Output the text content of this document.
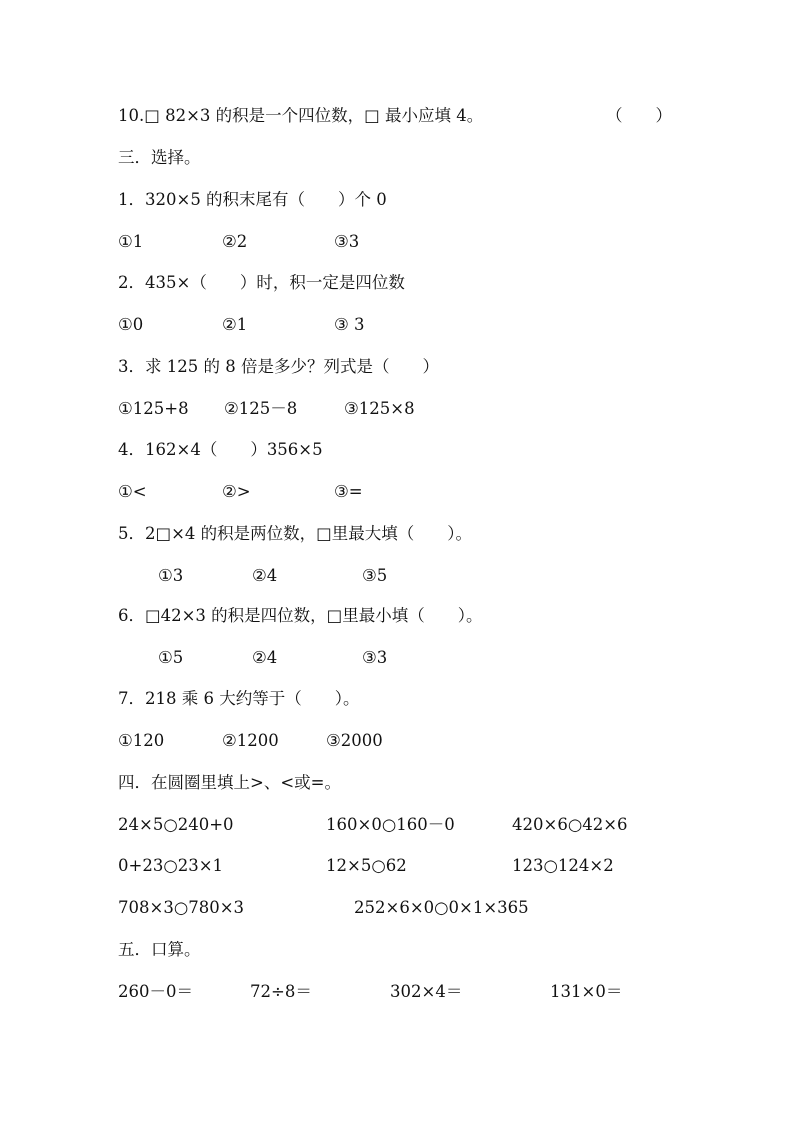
10.□ 82×3 的积是一个四位数，□ 最小应填 4。	（　　）
三．选择。
1．320×5 的积末尾有（　　）个 0
①1	②2	③3
2．435×（　　）时，积一定是四位数
①0	②1	③ 3
3．求 125 的 8 倍是多少？列式是（　　）
①125+8 ②125－8	③125×8
4．162×4（　　）356×5
①<	②>	③=
5．2□×4 的积是两位数，□里最大填（　　）。
①3	②4	③5
6．□42×3 的积是四位数，□里最小填（　　）。
①5	②4	③3
7．218 乘 6 大约等于（　　）。
①120	②1200	③2000
四．在圆圈里填上>、<或=。
24×5○240+0	160×0○160－0	420×6○42×6
0+23○23×1	12×5○62	123○124×2
708×3○780×3	252×6×0○0×1×365
五．口算。
260－0＝	72÷8＝	302×4＝	131×0＝
